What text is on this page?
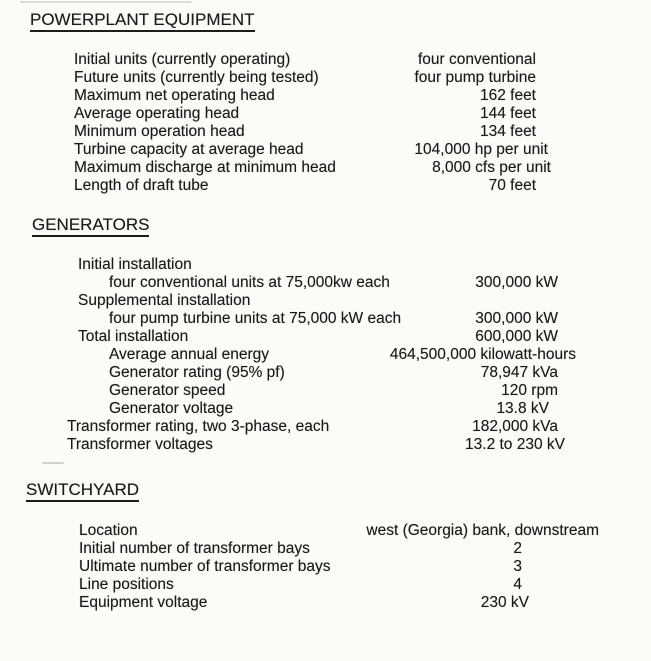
POWERPLANT EQUIPMENT
Initial units (currently operating)	four conventional
Future units (currently being tested)	four pump turbine
Maximum net operating head	162 feet
Average operating head	144 feet
Minimum operation head	134 feet
Turbine capacity at average head	104,000 hp per unit
Maximum discharge at minimum head	8,000 cfs per unit
Length of draft tube	70 feet
GENERATORS
Initial installation
four conventional units at 75,000kw each	300,000 kW
Supplemental installation
four pump turbine units at 75,000 kW each	300,000 kW
Total installation	600,000 kW
Average annual energy	464,500,000 kilowatt-hours
Generator rating (95% pf)	78,947 kVa
Generator speed	120 rpm
Generator voltage	13.8 kV
Transformer rating, two 3-phase, each	182,000 kVa
Transformer voltages	13.2 to 230 kV
SWITCHYARD
Location	west (Georgia) bank, downstream
Initial number of transformer bays	2
Ultimate number of transformer bays	3
Line positions	4
Equipment voltage	230 kV
